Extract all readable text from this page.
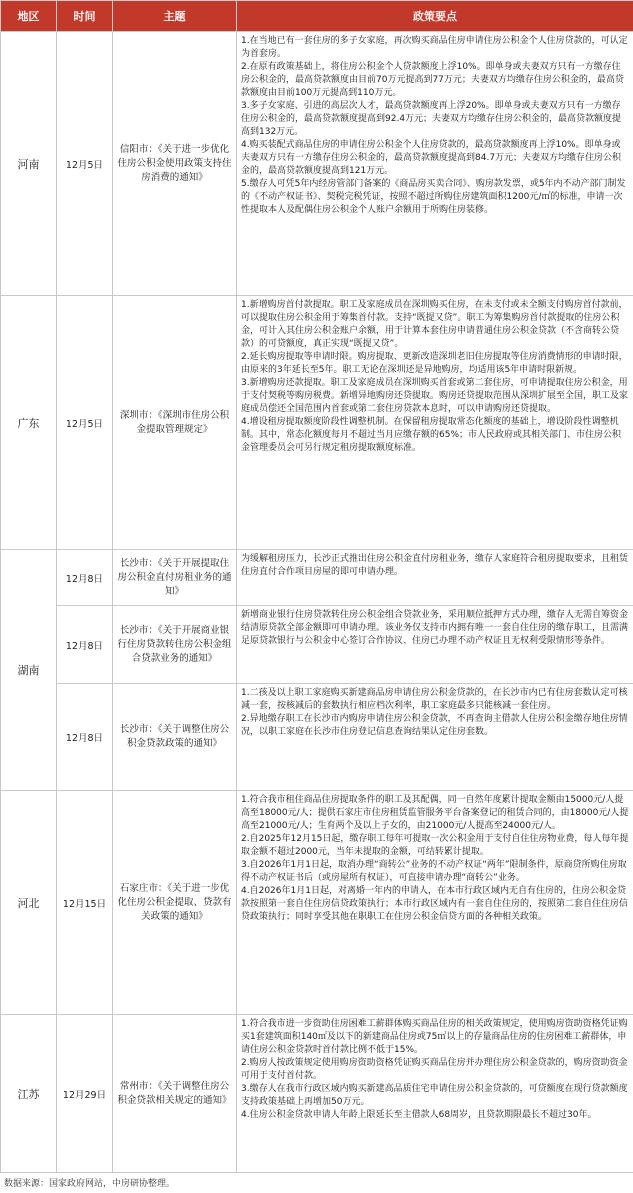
地区	时间	主题	政策要点
河南	12月5日	信阳市：《关于进一步优化住房公积金使用政策支持住房消费的通知》	1.在当地已有一套住房的多子女家庭，再次购买商品住房申请住房公积金个人住房贷款的，可认定为首套房。

2.在原有政策基础上，将住房公积金个人贷款额度上浮10%。即单身或夫妻双方只有一方缴存住房公积金的，最高贷款额度由目前70万元提高到77万元；夫妻双方均缴存住房公积金的，最高贷款额度由目前100万元提高到110万元。

3.多子女家庭、引进的高层次人才，最高贷款额度再上浮20%。即单身或夫妻双方只有一方缴存住房公积金的，最高贷款额度提高到92.4万元；夫妻双方均缴存住房公积金的，最高贷款额度提高到132万元。

4.购买装配式商品住房的申请住房公积金个人住房贷款的，最高贷款额度再上浮10%。即单身或夫妻双方只有一方缴存住房公积金的，最高贷款额度提高到84.7万元；夫妻双方均缴存住房公积金的，最高贷款额度提高到121万元。

5.缴存人可凭5年内经房管部门备案的《商品房买卖合同》、购房款发票，或5年内不动产部门制发的《不动产权证书》、契税完税凭证，按照不超过所购住房建筑面积1200元/㎡的标准，申请一次性提取本人及配偶住房公积金个人账户余额用于所购住房装修。

广东	12月5日	深圳市：《深圳市住房公积金提取管理规定》	1.新增购房首付款提取。职工及家庭成员在深圳购买住房，在未支付或未全额支付购房首付款前，可以提取住房公积金用于筹集首付款。支持“既提又贷”。职工为筹集购房首付款提取的住房公积金，可计入其住房公积金账户余额，用于计算本套住房申请普通住房公积金贷款（不含商转公贷款）的可贷额度，真正实现“既提又贷”。

2.延长购房提取等申请时限。购房提取、更新改造深圳老旧住房提取等住房消费情形的申请时限，由原来的3年延长至5年。职工无论在深圳还是异地购房，均适用该5年申请时限新规。

3.新增购房还款提取。职工及家庭成员在深圳购买首套或第二套住房，可申请提取住房公积金，用于支付契税等购房税费。新增异地购房还贷提取。购房还贷提取范围从深圳扩展至全国，职工及家庭成员偿还全国范围内首套或第二套住房贷款本息时，可以申请购房还贷提取。

4.增设租房提取额度阶段性调整机制。在保留租房提取常态化额度的基础上，增设阶段性调整机制。其中，常态化额度每月不超过当月应缴存额的65%；市人民政府或其相关部门、市住房公积金管理委员会可另行规定租房提取额度标准。

湖南	12月8日	长沙市：《关于开展提取住房公积金直付房租业务的通知》	为缓解租房压力，长沙正式推出住房公积金直付房租业务，缴存人家庭符合租房提取要求，且租赁住房直付合作项目房屋的即可申请办理。

	12月8日	长沙市：《关于开展商业银行住房贷款转住房公积金组合贷款业务的通知》	新增商业银行住房贷款转住房公积金组合贷款业务，采用顺位抵押方式办理，缴存人无需自筹资金结清原贷款全部金额即可申请办理。该业务仅支持市内拥有唯一一套自住住房的缴存职工，且需满足原贷款银行与公积金中心签订合作协议、住房已办理不动产权证且无权利受限情形等条件。

	12月8日	长沙市：《关于调整住房公积金贷款政策的通知》	1.二孩及以上职工家庭购买新建商品房申请住房公积金贷款的，在长沙市内已有住房套数认定可核减一套，按核减后的套数执行相应档次利率，职工家庭最多只能核减一套住房。

2.异地缴存职工在长沙市内购房申请住房公积金贷款，不再查询主借款人住房公积金缴存地住房情况，以职工家庭在长沙市住房登记信息查询结果认定住房套数。

河北	12月15日	石家庄市：《关于进一步优化住房公积金提取、贷款有关政策的通知》	1.符合我市租住商品住房提取条件的职工及其配偶，同一自然年度累计提取金额由15000元/人提高至18000元/人；提供石家庄市住房租赁监管服务平台备案登记的租赁合同的，由18000元/人提高至21000元/人；生育两个及以上子女的，由21000元/人提高至24000元/人。

2.自2025年12月15日起，缴存职工每年可提取一次公积金用于支付自住住房物业费，每人每年提取金额不超过2000元，当年未提取的金额，可结转累计提取。

3.自2026年1月1日起，取消办理“商转公”业务的不动产权证“两年”限制条件，原商贷所购住房取得不动产权证书后（或房屋所有权证），可直接申请办理“商转公”业务。

4.自2026年1月1日起，对离婚一年内的申请人，在本市行政区域内无自有住房的，住房公积金贷款按照第一套自住住房信贷政策执行；本市行政区域内有一套自住住房的，按照第二套自住住房信贷政策执行；同时享受其他在职职工在住房公积金信贷方面的各种相关政策。

江苏	12月29日	常州市：《关于调整住房公积金贷款相关规定的通知》	1.符合我市进一步资助住房困难工薪群体购买商品住房的相关政策规定，使用购房资助资格凭证购买1套建筑面积140㎡及以下的新建商品住房或75㎡以上的存量商品住房的住房困难工薪群体，申请住房公积金贷款时首付款比例不低于15%。

2.购房人按政策规定使用购房资助资格凭证购买商品住房并办理住房公积金贷款的，购房资助资金可用于支付首付款。

3.缴存人在我市行政区域内购买新建高品质住宅申请住房公积金贷款的，可贷额度在现行贷款额度支持政策基础上再增加50万元。

4.住房公积金贷款申请人年龄上限延长至主借款人68周岁，且贷款期限最长不超过30年。

数据来源：国家政府网站，中房研协整理。
